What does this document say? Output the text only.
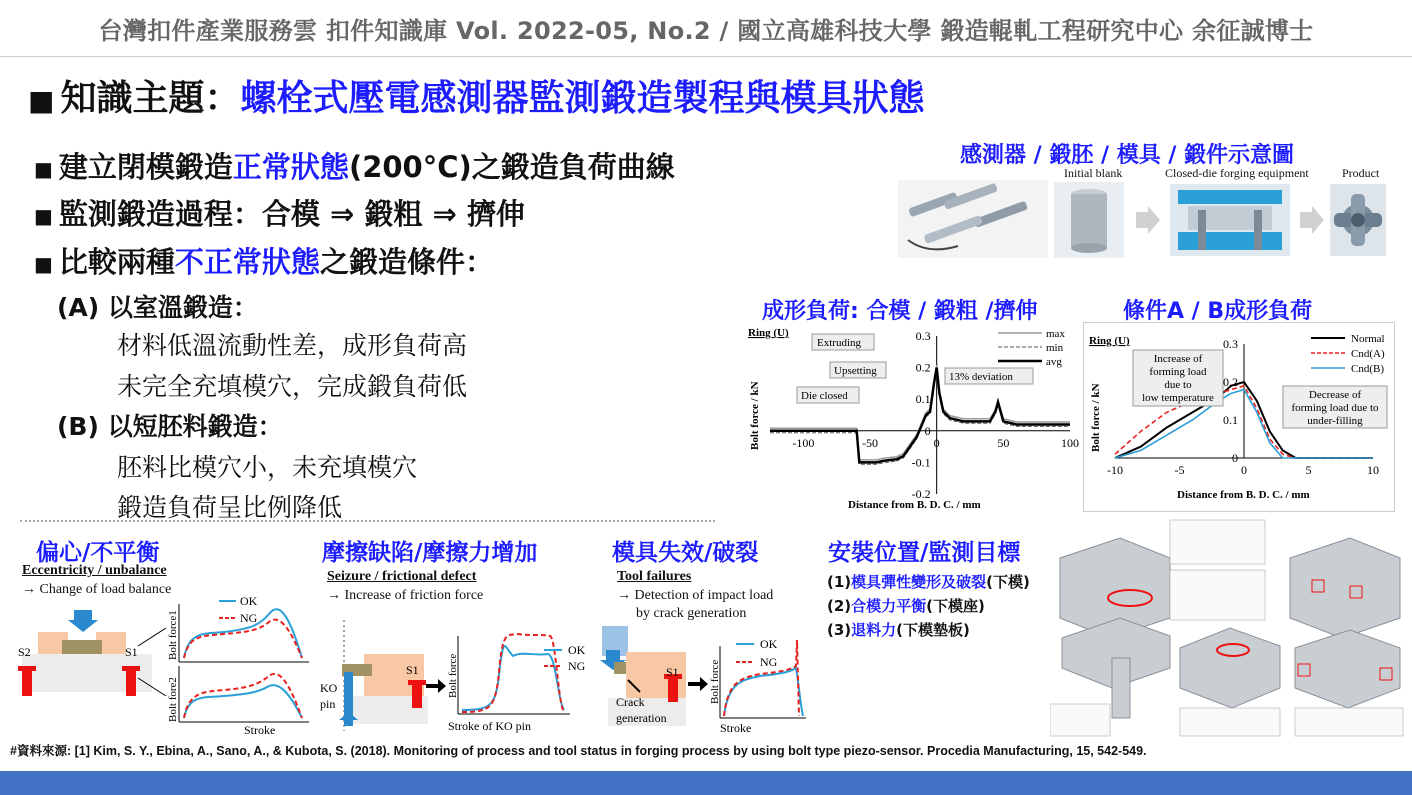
台灣扣件產業服務雲 扣件知識庫 Vol. 2022-05, No.2 / 國立高雄科技大學 鍛造輥軋工程研究中心 余征誠博士
■ 知識主題：螺栓式壓電感測器監測鍛造製程與模具狀態
■ 建立閉模鍛造正常狀態(200°C)之鍛造負荷曲線
■ 監測鍛造過程：合模 ⇒ 鍛粗 ⇒ 擠伸
■ 比較兩種不正常狀態之鍛造條件：
(A) 以室溫鍛造：
材料低溫流動性差，成形負荷高
未完全充填模穴，完成鍛負荷低
(B) 以短胚料鍛造：
胚料比模穴小，未充填模穴
鍛造負荷呈比例降低
感測器 / 鍛胚 / 模具 / 鍛件示意圖
Initial blank	Closed-die forging equipment	Product
成形負荷: 合模 / 鍛粗 /擠伸
Ring (U)
Bolt force / kN
Distance from B. D. C. / mm
-100	-50	0	50	100
0.3
0.2
0.1
0
-0.1
-0.2
max
min
avg
Extruding
Upsetting
Die closed
13% deviation
條件A / B成形負荷
Ring (U)
Bolt force / kN
Distance from B. D. C. / mm
-10	-5	0	5	10
0.3
0.2
0.1
0
Normal
Cnd(A)
Cnd(B)
Increase of forming load due to low temperature	Decrease of forming load due to under-filling
偏心/不平衡
Eccentricity / unbalance
→ Change of load balance
S2	S1	Bolt force1
Bolt fore2
OK
NG
Stroke
摩擦缺陷/摩擦力增加
Seizure / frictional defect
→ Increase of friction force
S1
KO
pin
Bolt force
OK
NG
Stroke of KO pin
模具失效/破裂
Tool failures
→ Detection of impact load
by crack generation
S1
Crack
generation
Bolt force
OK
NG
Stroke
安裝位置/監測目標
(1)模具彈性變形及破裂(下模)
(2)合模力平衡(下模座)
(3)退料力(下模墊板)
#資料來源: [1] Kim, S. Y., Ebina, A., Sano, A., & Kubota, S. (2018). Monitoring of process and tool status in forging process by using bolt type piezo-sensor. Procedia Manufacturing, 15, 542-549.
